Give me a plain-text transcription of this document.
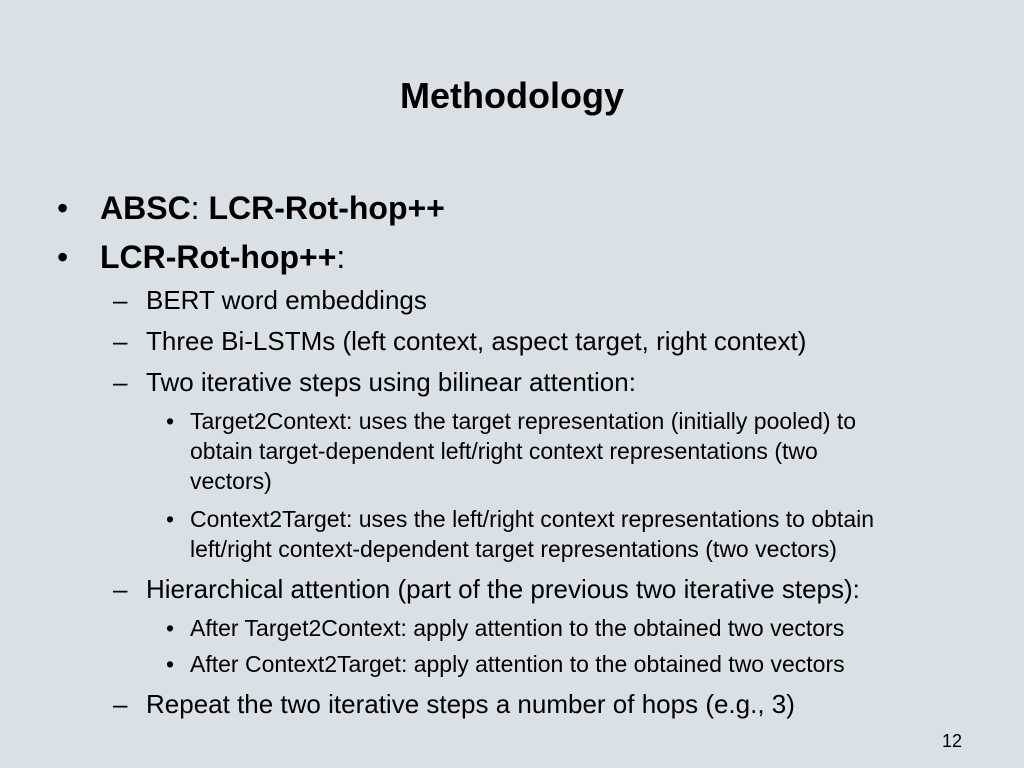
Methodology
• ABSC: LCR-Rot-hop++
• LCR-Rot-hop++:
– BERT word embeddings
– Three Bi-LSTMs (left context, aspect target, right context)
– Two iterative steps using bilinear attention:
• Target2Context: uses the target representation (initially pooled) to
obtain target-dependent left/right context representations (two
vectors)
• Context2Target: uses the left/right context representations to obtain
left/right context-dependent target representations (two vectors)
– Hierarchical attention (part of the previous two iterative steps):
• After Target2Context: apply attention to the obtained two vectors
• After Context2Target: apply attention to the obtained two vectors
– Repeat the two iterative steps a number of hops (e.g., 3)
12
